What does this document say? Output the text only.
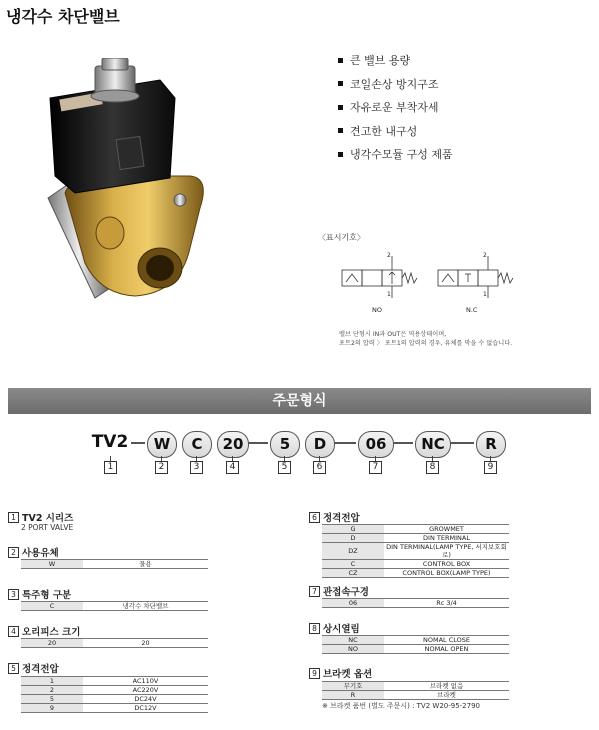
냉각수 차단밸브
큰 밸브 용량
코일손상 방지구조
자유로운 부착자세
견고한 내구성
냉각수모듈 구성 제품
〈표시기호〉
2
1
2
1
NO	N.C
밸브 단형시 IN과 OUT은 역용상태이며,
포트2의 압력 〉 포트1의 압력의 경우, 유체를 막을 수 없습니다.
주문형식
TV2	W	C	20	5	D	06	NC	R
1	2	3	4	5	6	7	8	9
1 TV2 시리즈
2 PORT VALVE
2 사용유체
W	물용
3 특주형 구분
C	냉각수 차단밸브
4 오리피스 크기
20	20
5 정격전압
1	AC110V
2	AC220V
5	DC24V
9	DC12V
6 정격전압
G	GROWMET
D	DIN TERMINAL
DZ	DIN TERMINAL(LAMP TYPE, 서지보호회로)
C	CONTROL BOX
CZ	CONTROL BOX(LAMP TYPE)
7 관접속구경
06	Rc 3/4
8 상시열림
NC	NOMAL CLOSE
NO	NOMAL OPEN
9 브라켓 옵션
무기호	브라켓 없음
R	브라켓
※ 브라켓 품번 (별도 주문시) : TV2 W20-95-2790
